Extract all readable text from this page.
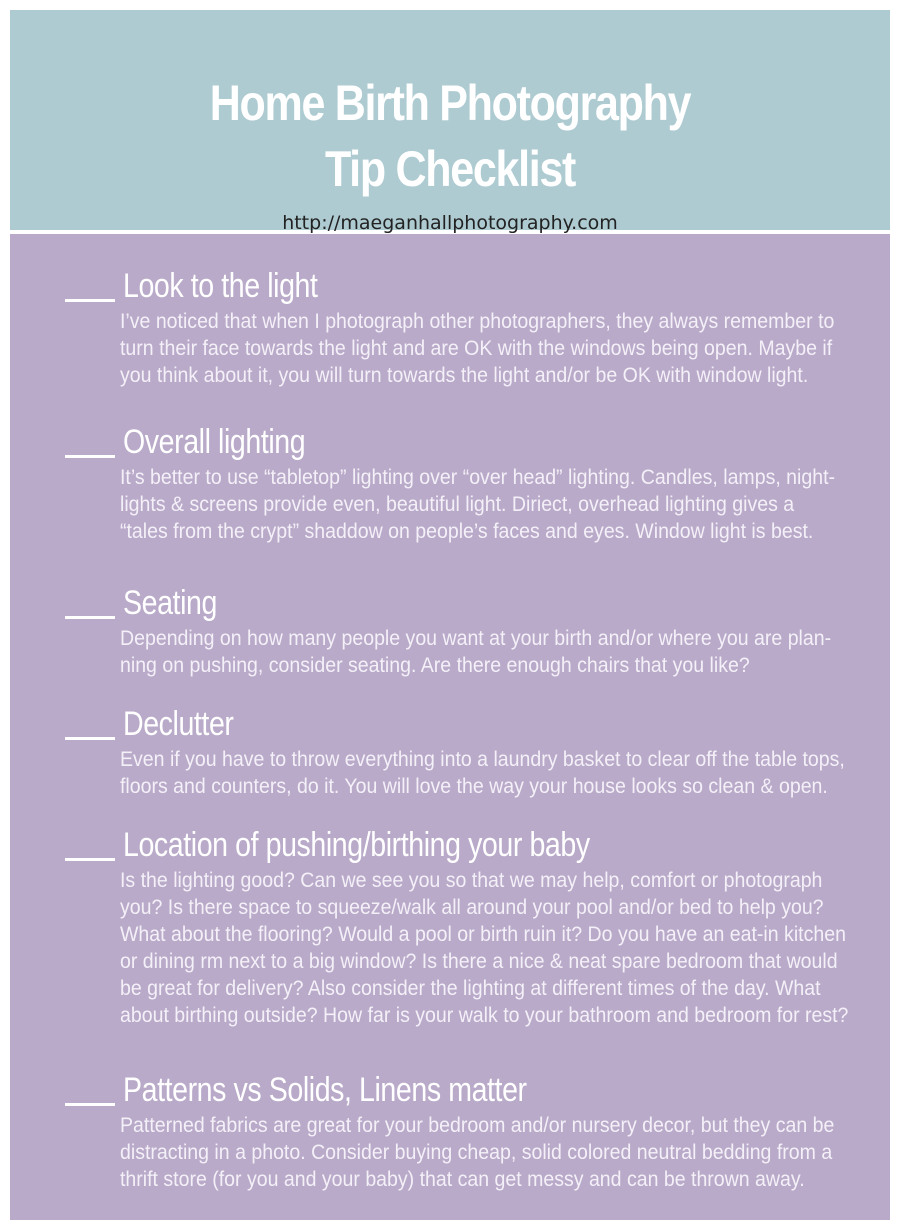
Home Birth Photography
Tip Checklist
http://maeganhallphotography.com
Look to the light
I’ve noticed that when I photograph other photographers, they always remember to
turn their face towards the light and are OK with the windows being open. Maybe if
you think about it, you will turn towards the light and/or be OK with window light.
Overall lighting
It’s better to use “tabletop” lighting over “over head” lighting. Candles, lamps, night-
lights & screens provide even, beautiful light. Diriect, overhead lighting gives a
“tales from the crypt” shaddow on people’s faces and eyes. Window light is best.
Seating
Depending on how many people you want at your birth and/or where you are plan-
ning on pushing, consider seating. Are there enough chairs that you like?
Declutter
Even if you have to throw everything into a laundry basket to clear off the table tops,
floors and counters, do it. You will love the way your house looks so clean & open.
Location of pushing/birthing your baby
Is the lighting good? Can we see you so that we may help, comfort or photograph
you? Is there space to squeeze/walk all around your pool and/or bed to help you?
What about the flooring? Would a pool or birth ruin it? Do you have an eat-in kitchen
or dining rm next to a big window? Is there a nice & neat spare bedroom that would
be great for delivery? Also consider the lighting at different times of the day. What
about birthing outside? How far is your walk to your bathroom and bedroom for rest?
Patterns vs Solids, Linens matter
Patterned fabrics are great for your bedroom and/or nursery decor, but they can be
distracting in a photo. Consider buying cheap, solid colored neutral bedding from a
thrift store (for you and your baby) that can get messy and can be thrown away.
